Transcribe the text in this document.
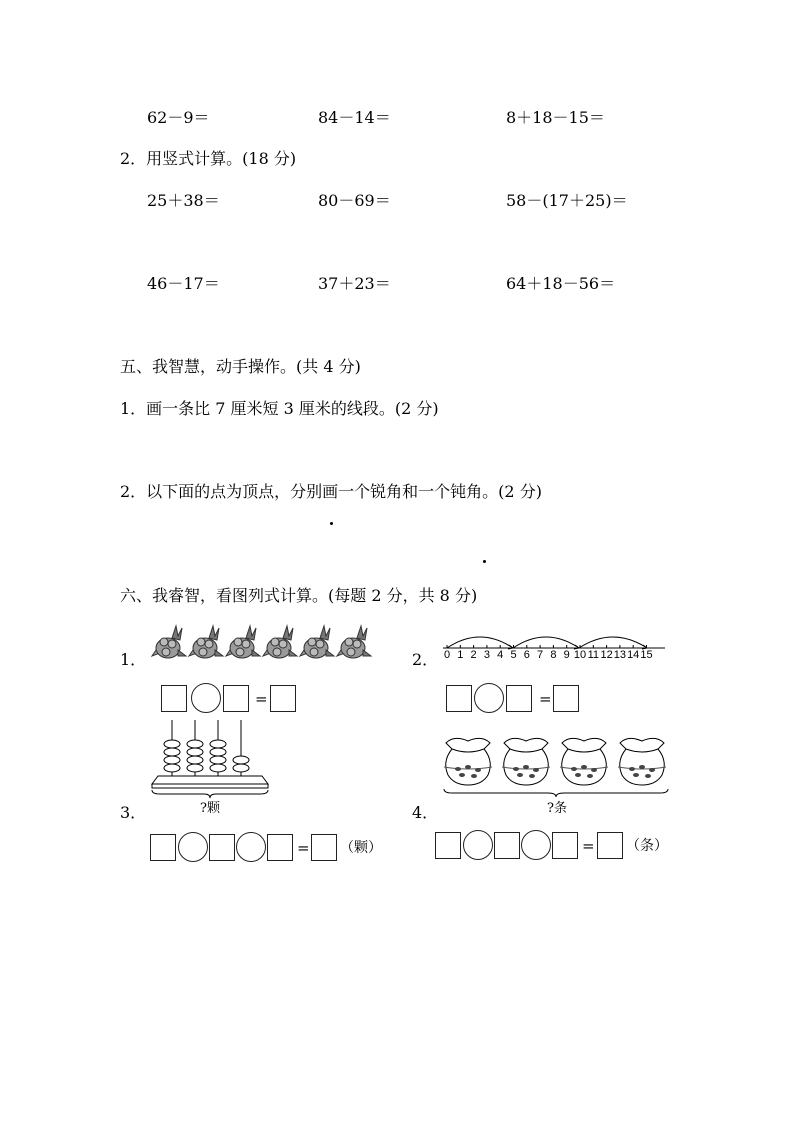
62－9＝	84－14＝	8＋18－15＝
2．用竖式计算。(18 分)
25＋38＝	80－69＝	58－(17＋25)＝
46－17＝	37＋23＝	64＋18－56＝
五、我智慧，动手操作。(共 4 分)
1．画一条比 7 厘米短 3 厘米的线段。(2 分)
2．以下面的点为顶点，分别画一个锐角和一个钝角。(2 分)
六、我睿智，看图列式计算。(每题 2 分，共 8 分)
1．
=
2． 0 1 2 3 4 5 6 7 8 9 10 11 12 13 14 15
=
?颗
3．
= （颗）
?条
4．
= （条）
